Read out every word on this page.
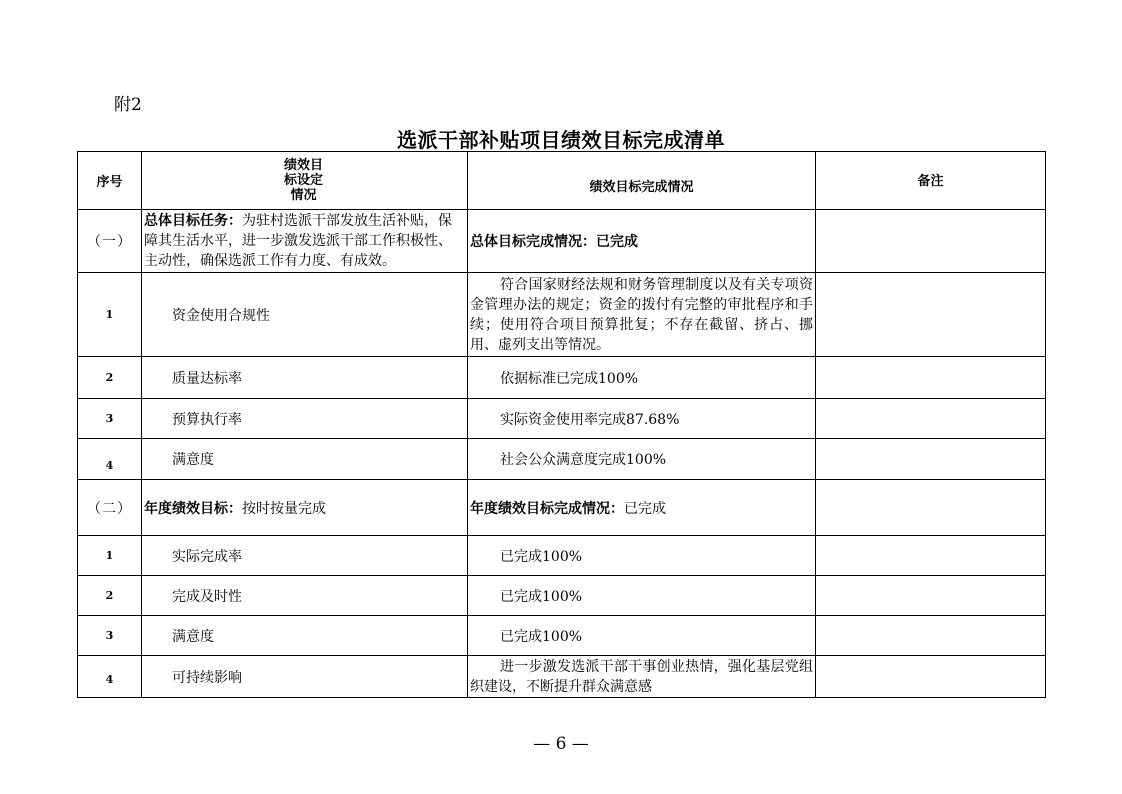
附2
选派干部补贴项目绩效目标完成清单
序号	绩效目
标设定
情况	绩效目标完成情况	备注
（一）	总体目标任务：为驻村选派干部发放生活补贴，保障其生活水平，进一步激发选派干部工作积极性、主动性，确保选派工作有力度、有成效。	总体目标完成情况：已完成	
1	资金使用合规性	符合国家财经法规和财务管理制度以及有关专项资金管理办法的规定；资金的拨付有完整的审批程序和手续；使用符合项目预算批复；不存在截留、挤占、挪用、虚列支出等情况。	
2	质量达标率	依据标准已完成100%	
3	预算执行率	实际资金使用率完成87.68%	
4	满意度	社会公众满意度完成100%	
（二）	年度绩效目标：按时按量完成	年度绩效目标完成情况：已完成	
1	实际完成率	已完成100%	
2	完成及时性	已完成100%	
3	满意度	已完成100%	
4	可持续影响	进一步激发选派干部干事创业热情，强化基层党组织建设，不断提升群众满意感	
— 6 —
